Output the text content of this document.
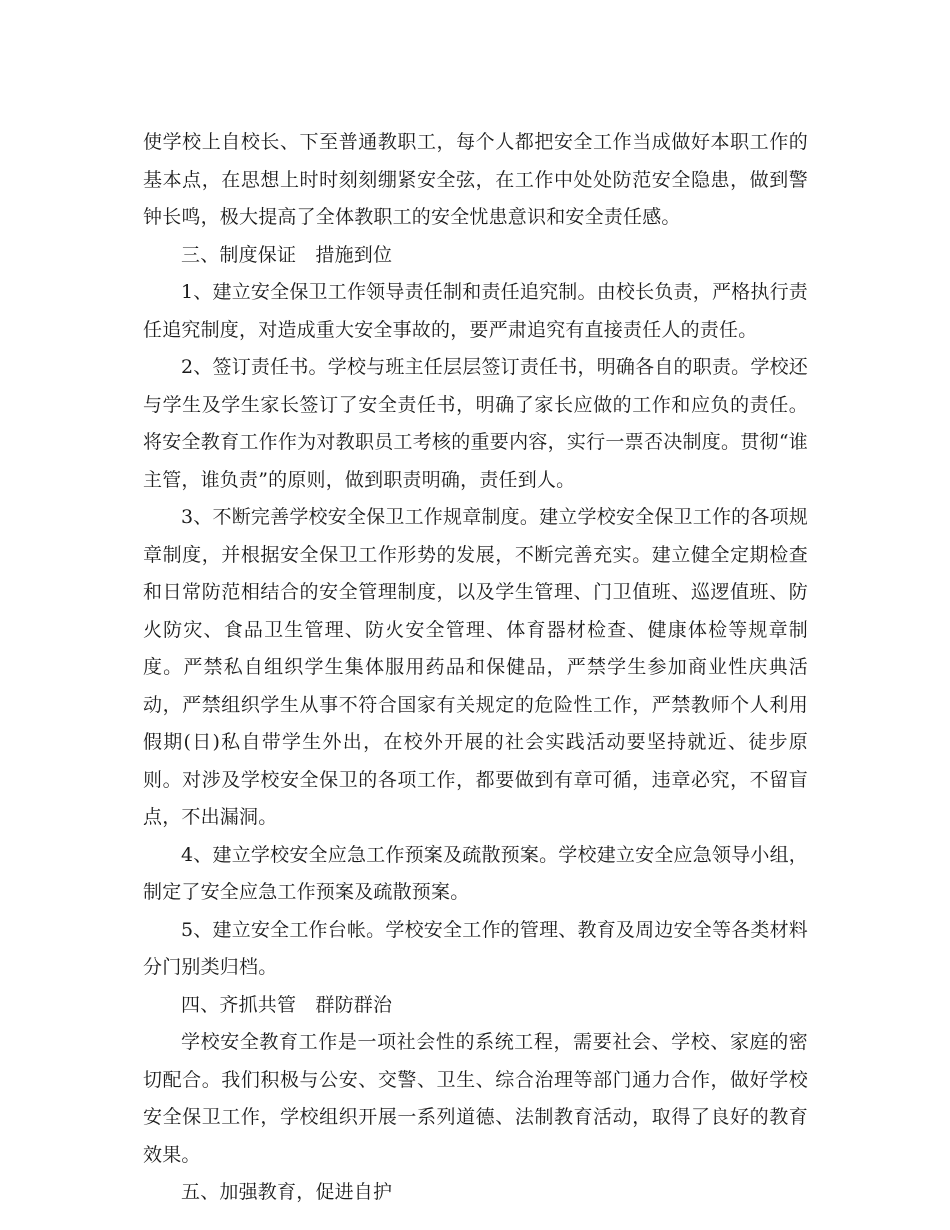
使学校上自校长、下至普通教职工，每个人都把安全工作当成做好本职工作的基本点，在思想上时时刻刻绷紧安全弦，在工作中处处防范安全隐患，做到警钟长鸣，极大提高了全体教职工的安全忧患意识和安全责任感。

三、制度保证　措施到位

1、建立安全保卫工作领导责任制和责任追究制。由校长负责，严格执行责任追究制度，对造成重大安全事故的，要严肃追究有直接责任人的责任。

2、签订责任书。学校与班主任层层签订责任书，明确各自的职责。学校还与学生及学生家长签订了安全责任书，明确了家长应做的工作和应负的责任。将安全教育工作作为对教职员工考核的重要内容，实行一票否决制度。贯彻“谁主管，谁负责”的原则，做到职责明确，责任到人。

3、不断完善学校安全保卫工作规章制度。建立学校安全保卫工作的各项规章制度，并根据安全保卫工作形势的发展，不断完善充实。建立健全定期检查和日常防范相结合的安全管理制度，以及学生管理、门卫值班、巡逻值班、防火防灾、食品卫生管理、防火安全管理、体育器材检查、健康体检等规章制度。严禁私自组织学生集体服用药品和保健品，严禁学生参加商业性庆典活动，严禁组织学生从事不符合国家有关规定的危险性工作，严禁教师个人利用假期(日)私自带学生外出，在校外开展的社会实践活动要坚持就近、徒步原则。对涉及学校安全保卫的各项工作，都要做到有章可循，违章必究，不留盲点，不出漏洞。

4、建立学校安全应急工作预案及疏散预案。学校建立安全应急领导小组，制定了安全应急工作预案及疏散预案。

5、建立安全工作台帐。学校安全工作的管理、教育及周边安全等各类材料分门别类归档。

四、齐抓共管　群防群治

学校安全教育工作是一项社会性的系统工程，需要社会、学校、家庭的密切配合。我们积极与公安、交警、卫生、综合治理等部门通力合作，做好学校安全保卫工作，学校组织开展一系列道德、法制教育活动，取得了良好的教育效果。

五、加强教育，促进自护
